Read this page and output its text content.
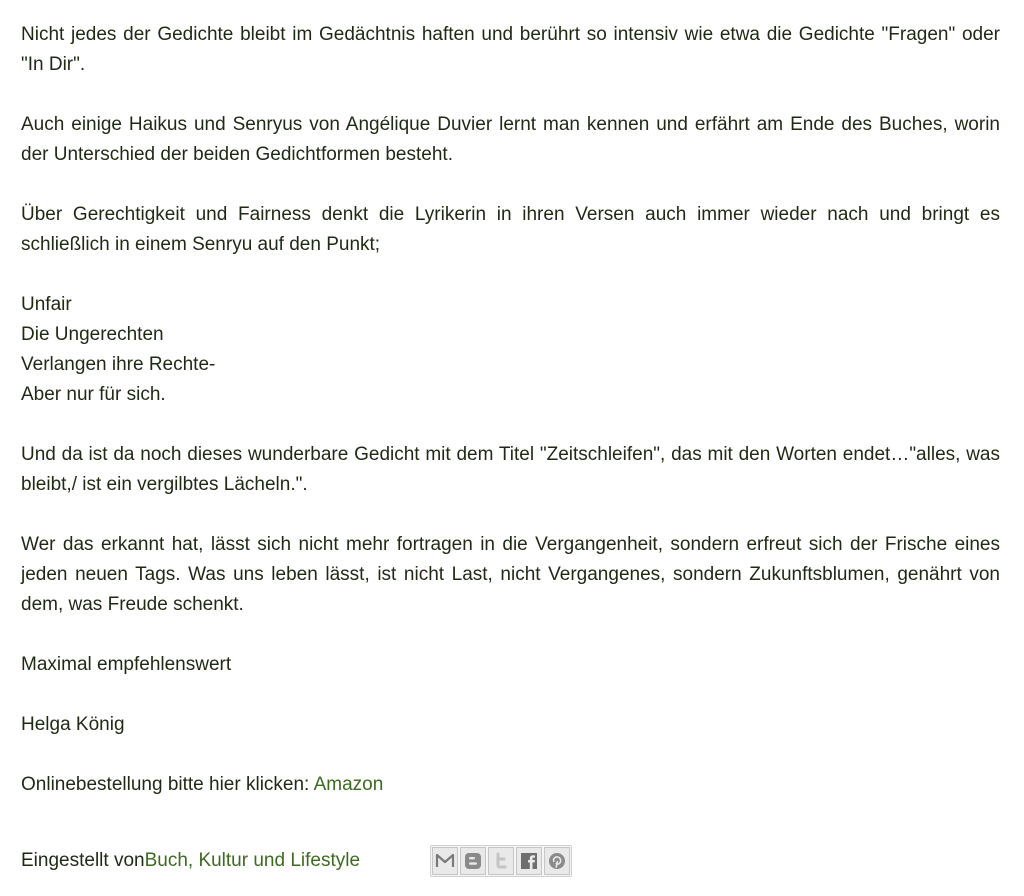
Nicht jedes der Gedichte bleibt im Gedächtnis haften und berührt so intensiv wie etwa die Gedichte "Fragen" oder "In Dir".

Auch einige Haikus und Senryus von Angélique Duvier lernt man kennen und erfährt am Ende des Buches, worin der Unterschied der beiden Gedichtformen besteht.

Über Gerechtigkeit und Fairness denkt die Lyrikerin in ihren Versen auch immer wieder nach und bringt es schließlich in einem Senryu auf den Punkt;

Unfair
Die Ungerechten
Verlangen ihre Rechte-
Aber nur für sich.

Und da ist da noch dieses wunderbare Gedicht mit dem Titel "Zeitschleifen", das mit den Worten endet…"alles, was bleibt,/ ist ein vergilbtes Lächeln.".

Wer das erkannt hat, lässt sich nicht mehr fortragen in die Vergangenheit, sondern erfreut sich der Frische eines jeden neuen Tags. Was uns leben lässt, ist nicht Last, nicht Vergangenes, sondern Zukunftsblumen, genährt von dem, was Freude schenkt.

Maximal empfehlenswert

Helga König

Onlinebestellung bitte hier klicken: Amazon

Eingestellt von Buch, Kultur und Lifestyle
